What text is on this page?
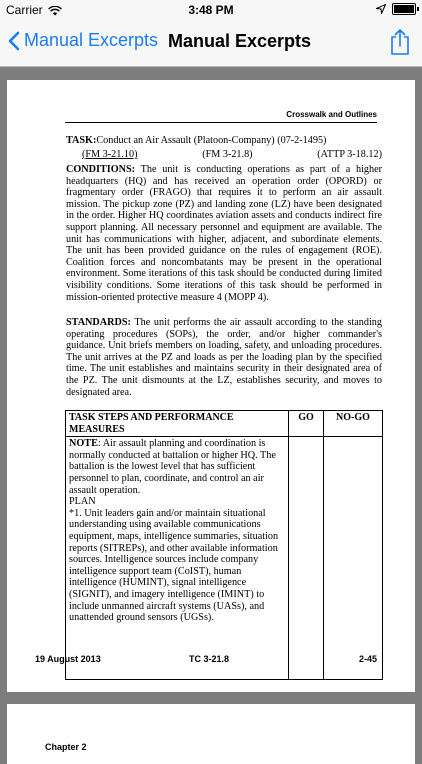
Carrier	3:48 PM
Manual Excerpts Manual Excerpts
Crosswalk and Outlines
TASK:Conduct an Air Assault (Platoon-Company) (07-2-1495)
(FM 3-21.10)	(FM 3-21.8)	(ATTP 3-18.12)
CONDITIONS: The unit is conducting operations as part of a higher headquarters (HQ) and has received an operation order (OPORD) or fragmentary order (FRAGO) that requires it to perform an air assault mission. The pickup zone (PZ) and landing zone (LZ) have been designated in the order. Higher HQ coordinates aviation assets and conducts indirect fire support planning. All necessary personnel and equipment are available. The unit has communications with higher, adjacent, and subordinate elements. The unit has been provided guidance on the rules of engagement (ROE). Coalition forces and noncombatants may be present in the operational environment. Some iterations of this task should be conducted during limited visibility conditions. Some iterations of this task should be performed in mission-oriented protective measure 4 (MOPP 4).
STANDARDS: The unit performs the air assault according to the standing operating procedures (SOPs), the order, and/or higher commander's guidance. Unit briefs members on loading, safety, and unloading procedures. The unit arrives at the PZ and loads as per the loading plan by the specified time. The unit establishes and maintains security in their designated area of the PZ. The unit dismounts at the LZ, establishes security, and moves to designated area.
TASK STEPS AND PERFORMANCE MEASURES	GO	NO-GO

NOTE: Air assault planning and coordination is normally conducted at battalion or higher HQ. The battalion is the lowest level that has sufficient personnel to plan, coordinate, and control an air assault operation.
PLAN
*1. Unit leaders gain and/or maintain situational understanding using available communications equipment, maps, intelligence summaries, situation reports (SITREPs), and other available information sources. Intelligence sources include company intelligence support team (CoIST), human intelligence (HUMINT), signal intelligence (SIGNIT), and imagery intelligence (IMINT) to include unmanned aircraft systems (UASs), and unattended ground sensors (UGSs).		

19 August 2013	TC 3-21.8	2-45
Chapter 2
